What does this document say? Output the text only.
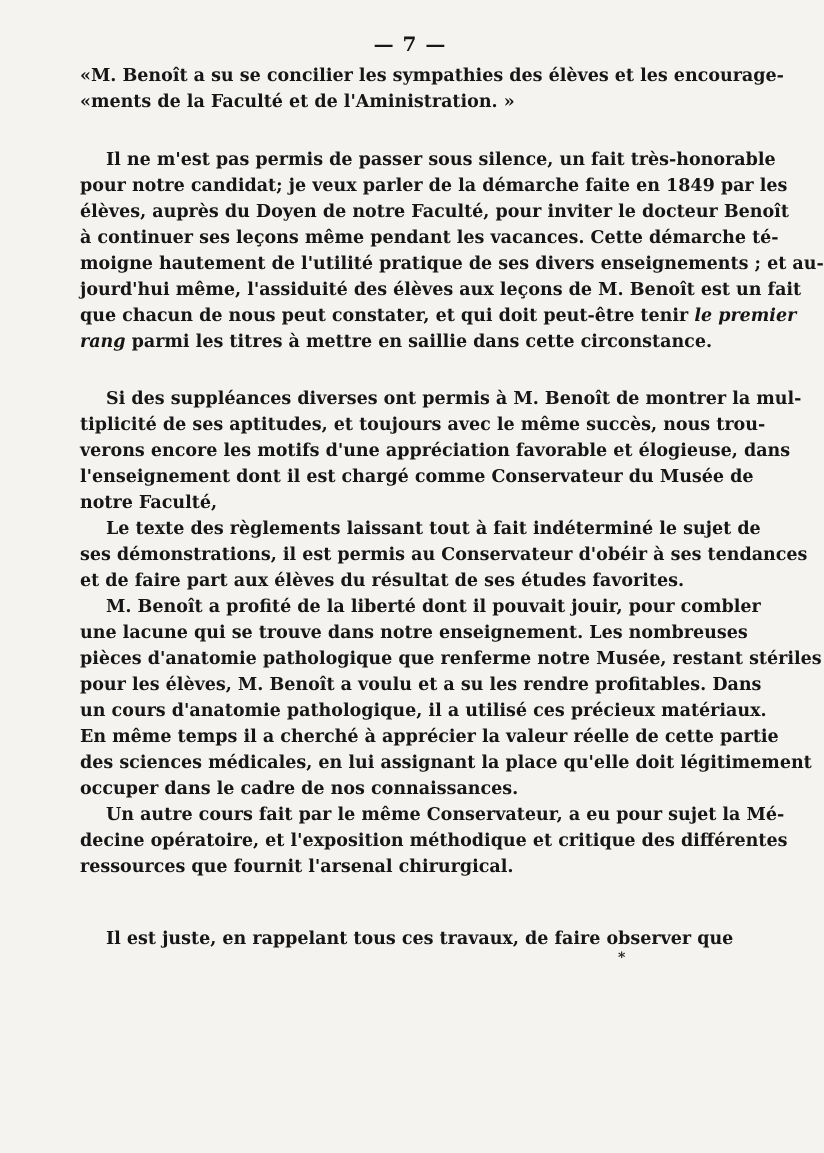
— 7 —
«M. Benoît a su se concilier les sympathies des élèves et les encourage-
«ments de la Faculté et de l'Aministration. »
Il ne m'est pas permis de passer sous silence, un fait très-honorable
pour notre candidat; je veux parler de la démarche faite en 1849 par les
élèves, auprès du Doyen de notre Faculté, pour inviter le docteur Benoît
à continuer ses leçons même pendant les vacances. Cette démarche té-
moigne hautement de l'utilité pratique de ses divers enseignements ; et au-
jourd'hui même, l'assiduité des élèves aux leçons de M. Benoît est un fait
que chacun de nous peut constater, et qui doit peut-être tenir le premier
rang parmi les titres à mettre en saillie dans cette circonstance.
Si des suppléances diverses ont permis à M. Benoît de montrer la mul-
tiplicité de ses aptitudes, et toujours avec le même succès, nous trou-
verons encore les motifs d'une appréciation favorable et élogieuse, dans
l'enseignement dont il est chargé comme Conservateur du Musée de
notre Faculté,
Le texte des règlements laissant tout à fait indéterminé le sujet de
ses démonstrations, il est permis au Conservateur d'obéir à ses tendances
et de faire part aux élèves du résultat de ses études favorites.
M. Benoît a profité de la liberté dont il pouvait jouir, pour combler
une lacune qui se trouve dans notre enseignement. Les nombreuses
pièces d'anatomie pathologique que renferme notre Musée, restant stériles
pour les élèves, M. Benoît a voulu et a su les rendre profitables. Dans
un cours d'anatomie pathologique, il a utilisé ces précieux matériaux.
En même temps il a cherché à apprécier la valeur réelle de cette partie
des sciences médicales, en lui assignant la place qu'elle doit légitimement
occuper dans le cadre de nos connaissances.
Un autre cours fait par le même Conservateur, a eu pour sujet la Mé-
decine opératoire, et l'exposition méthodique et critique des différentes
ressources que fournit l'arsenal chirurgical.
Il est juste, en rappelant tous ces travaux, de faire observer que
*
